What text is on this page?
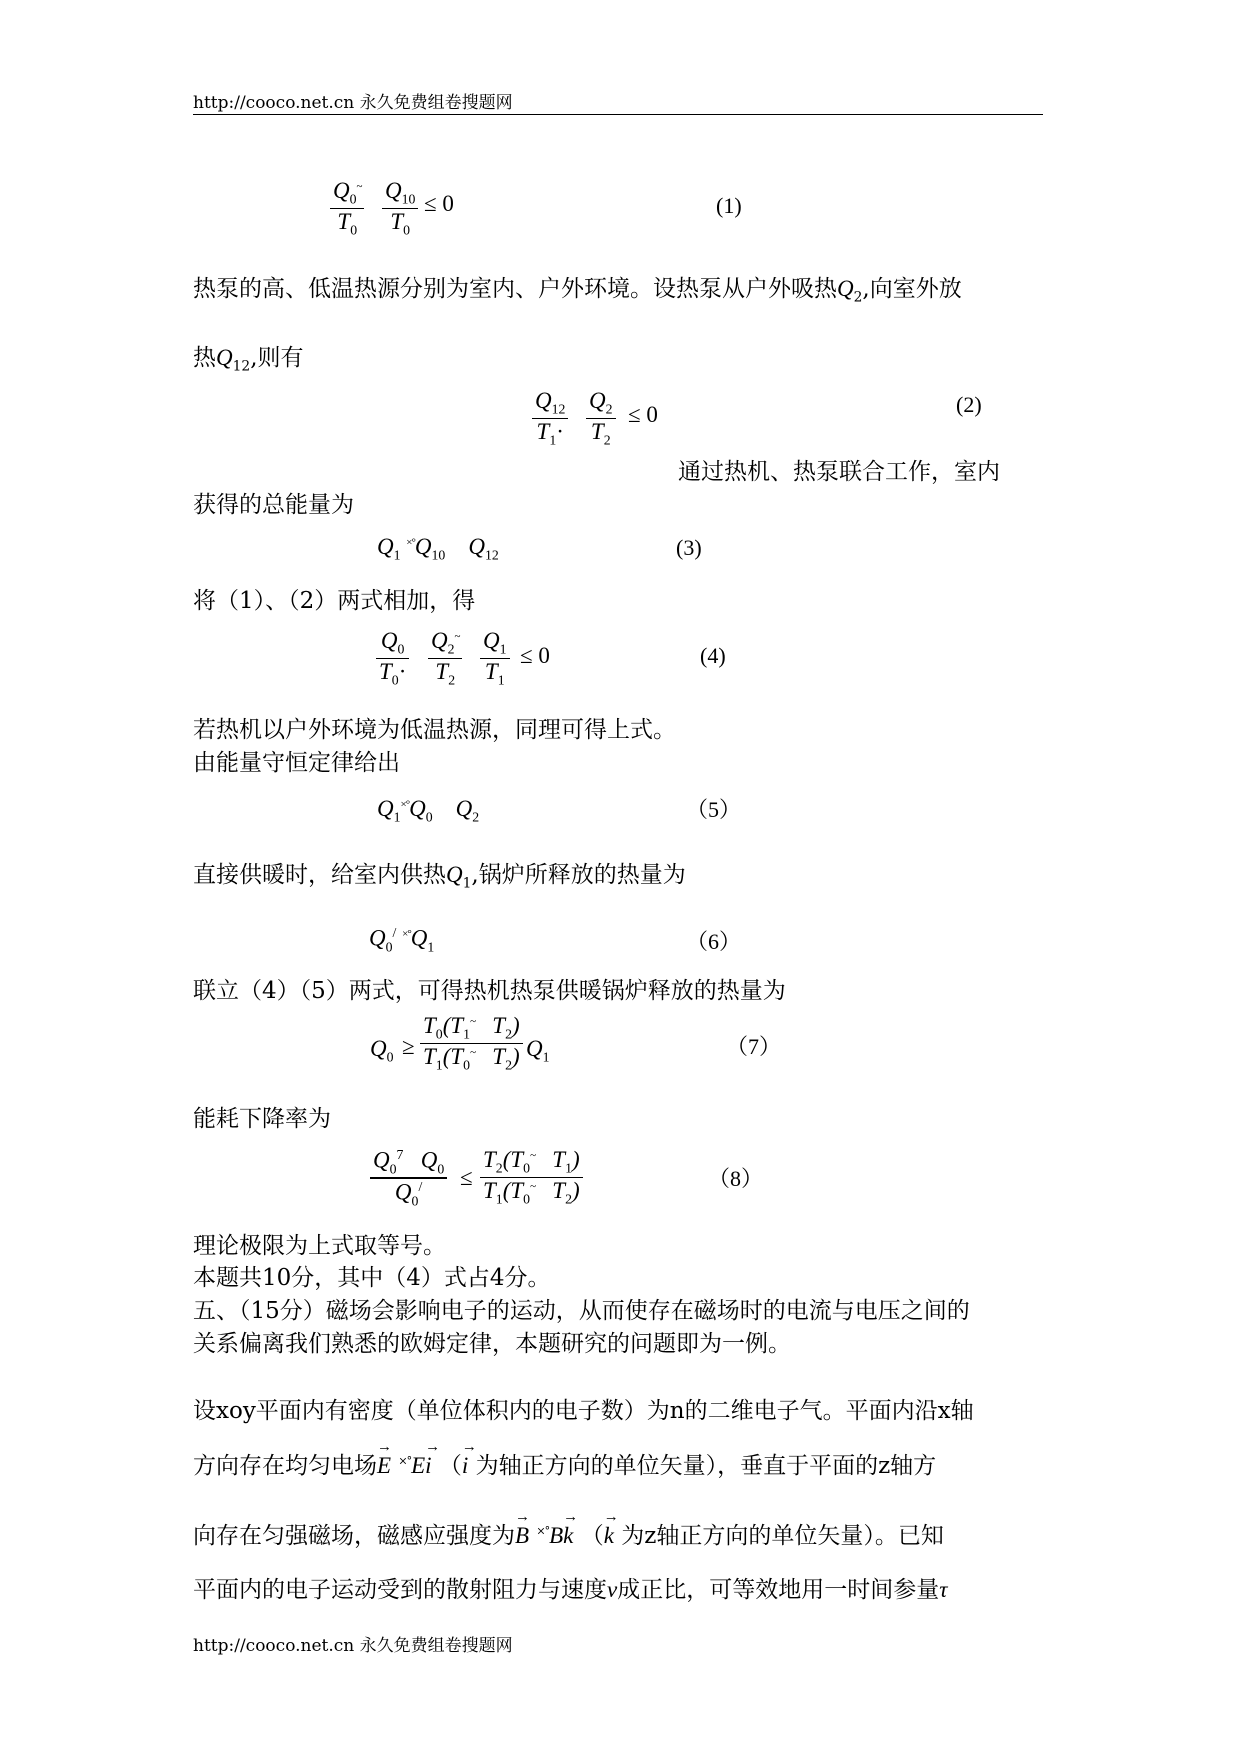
http://cooco.net.cn 永久免费组卷搜题网
$Q_0^\sim$
$T_0$
$Q_{10}$
$T_0$
≤ 0	(1)
热泵的高、低温热源分别为室内、户外环境。设热泵从户外吸热$Q_2$,向室外放
热$Q_{12}$,则有
$Q_{12}$
$T_1\cdot$
$Q_2$
$T_2$
≤ 0	(2)
通过热机、热泵联合工作，室内
获得的总能量为
$Q_1$ $^{\times^\circ}Q_{10}$    $Q_{12}$	(3)
将（1）、（2）两式相加，得
$Q_0$
$T_0\cdot$
$Q_2^\sim$
$T_2$
$Q_1$
$T_1$
≤ 0	(4)
若热机以户外环境为低温热源，同理可得上式。
由能量守恒定律给出
$Q_1^{\times^\circ}Q_0$    $Q_2$	（5）
直接供暖时，给室内供热$Q_1$,锅炉所释放的热量为
$Q_0^/$ $^{\times^\circ}Q_1$	（6）
联立（4）（5）两式，可得热机热泵供暖锅炉释放的热量为
$Q_0$ ≥
$T_0(T_1^\sim$ $T_2$)
$T_1(T_0^\sim$ $T_2$) $Q_1$	（7）
能耗下降率为
$Q_0^7$ $Q_0$
$Q_0^/$ ≤
$T_2(T_0^\sim$ $T_1$)
$T_1(T_0^\sim$ $T_2$)	（8）
理论极限为上式取等号。
本题共10分，其中（4）式占4分。
五、（15分）磁场会影响电子的运动，从而使存在磁场时的电流与电压之间的
关系偏离我们熟悉的欧姆定律，本题研究的问题即为一例。
设xoy平面内有密度（单位体积内的电子数）为n的二维电子气。平面内沿x轴
方向存在均匀电场→ E ×°E→ i （→ i 为轴正方向的单位矢量），垂直于平面的z轴方
向存在匀强磁场，磁感应强度为→ B ×°B→ k （→ k 为z轴正方向的单位矢量）。已知
平面内的电子运动受到的散射阻力与速度v成正比，可等效地用一时间参量τ
http://cooco.net.cn 永久免费组卷搜题网
